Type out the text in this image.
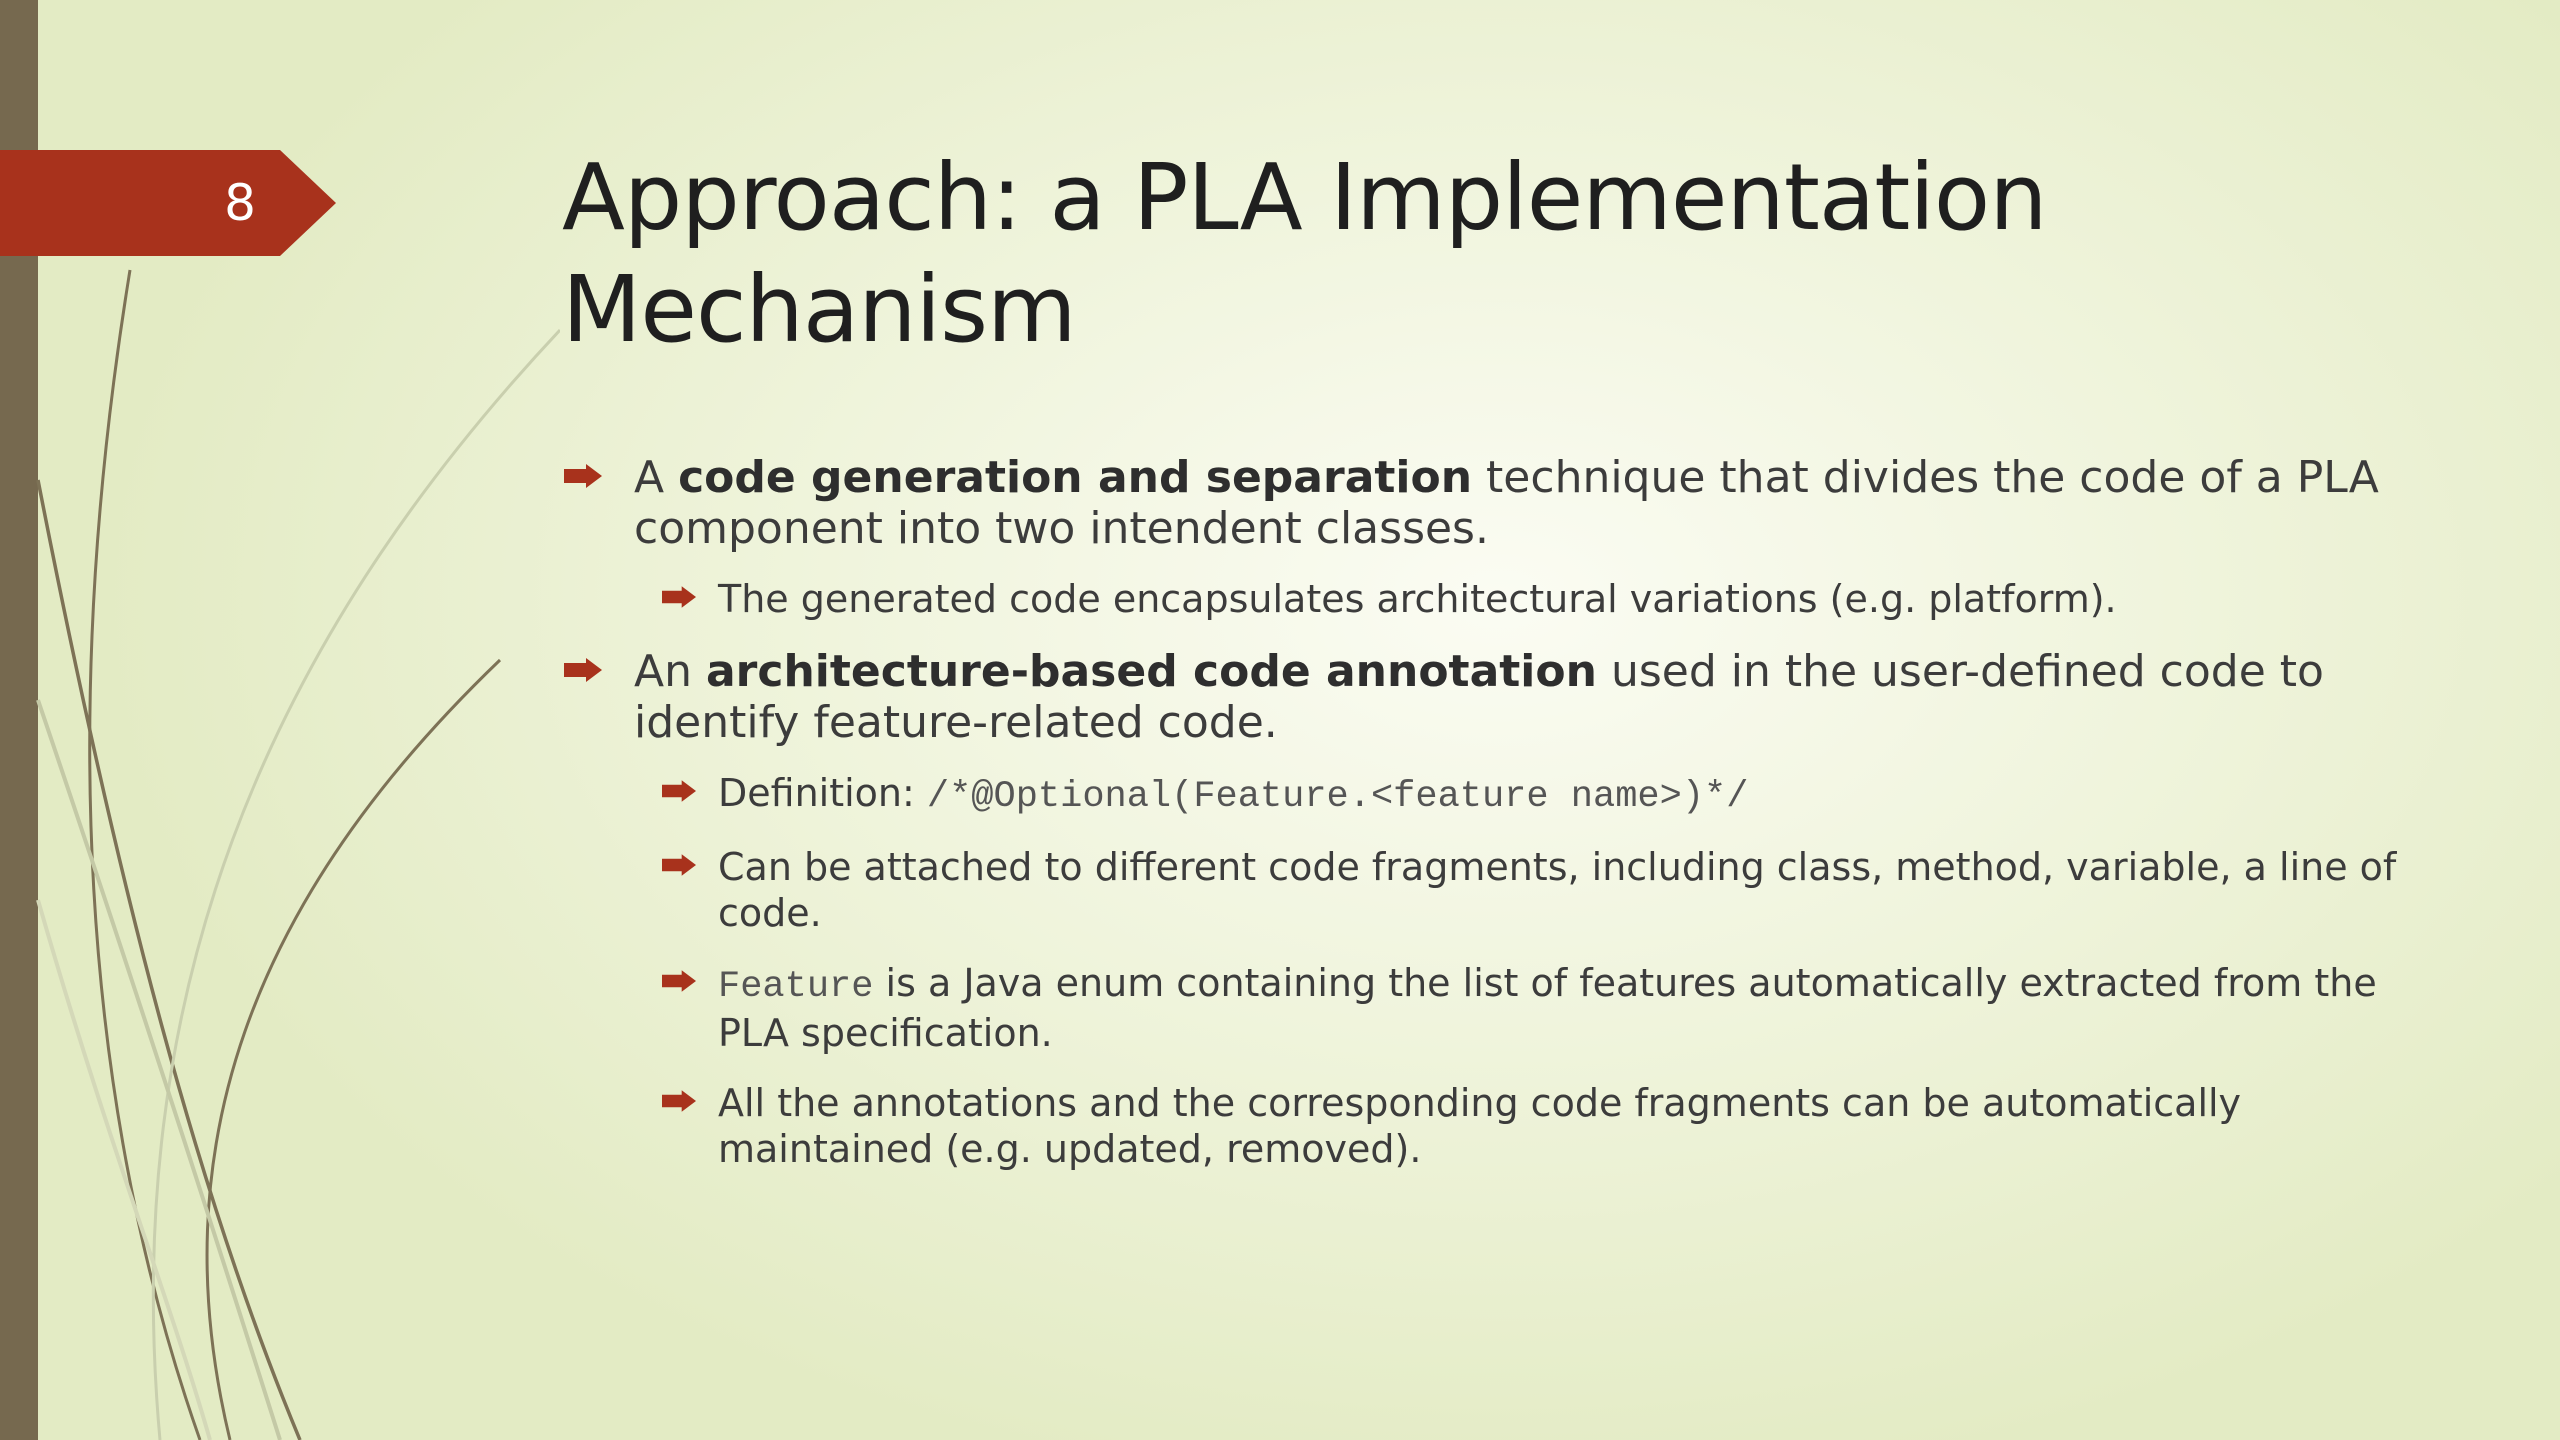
8	Approach: a PLA Implementation
Mechanism
A code generation and separation technique that divides the code of a PLA component into two intendent classes.
The generated code encapsulates architectural variations (e.g. platform).
An architecture-based code annotation used in the user-defined code to identify feature-related code.
Definition: /*@Optional(Feature.<feature name>)*/
Can be attached to different code fragments, including class, method, variable, a line of code.
Feature is a Java enum containing the list of features automatically extracted from the PLA specification.
All the annotations and the corresponding code fragments can be automatically maintained (e.g. updated, removed).
